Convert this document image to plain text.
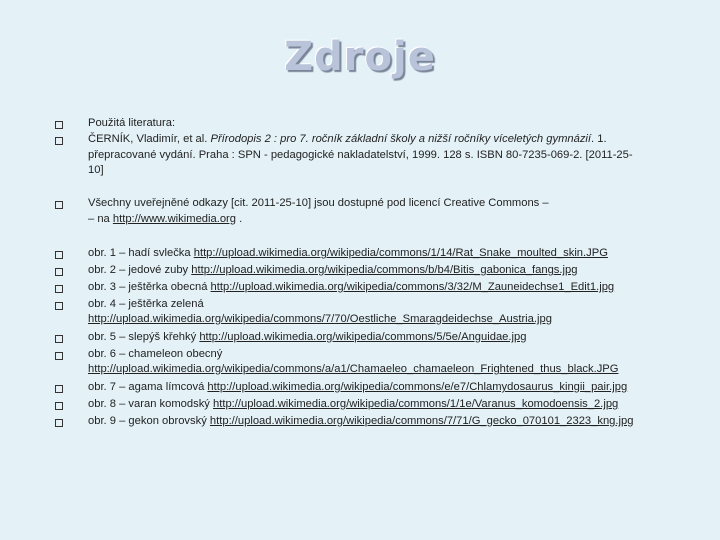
Zdroje
Použitá literatura:
ČERNÍK, Vladimír, et al. Přírodopis 2 : pro 7. ročník základní školy a nižší ročníky víceletých gymnázií. 1.
přepracované vydání. Praha : SPN - pedagogické nakladatelství, 1999. 128 s. ISBN 80-7235-069-2. [2011-25-
10]
Všechny uveřejněné odkazy [cit. 2011-25-10] jsou dostupné pod licencí Creative Commons –
– na http://www.wikimedia.org .
obr. 1 – hadí svlečka http://upload.wikimedia.org/wikipedia/commons/1/14/Rat_Snake_moulted_skin.JPG
obr. 2 – jedové zuby http://upload.wikimedia.org/wikipedia/commons/b/b4/Bitis_gabonica_fangs.jpg
obr. 3 – ještěrka obecná http://upload.wikimedia.org/wikipedia/commons/3/32/M_Zauneidechse1_Edit1.jpg
obr. 4 – ještěrka zelená
http://upload.wikimedia.org/wikipedia/commons/7/70/Oestliche_Smaragdeidechse_Austria.jpg
obr. 5 – slepýš křehký http://upload.wikimedia.org/wikipedia/commons/5/5e/Anguidae.jpg
obr. 6 – chameleon obecný
http://upload.wikimedia.org/wikipedia/commons/a/a1/Chamaeleo_chamaeleon_Frightened_thus_black.JPG
obr. 7 – agama límcová http://upload.wikimedia.org/wikipedia/commons/e/e7/Chlamydosaurus_kingii_pair.jpg
obr. 8 – varan komodský http://upload.wikimedia.org/wikipedia/commons/1/1e/Varanus_komodoensis_2.jpg
obr. 9 – gekon obrovský http://upload.wikimedia.org/wikipedia/commons/7/71/G_gecko_070101_2323_kng.jpg
